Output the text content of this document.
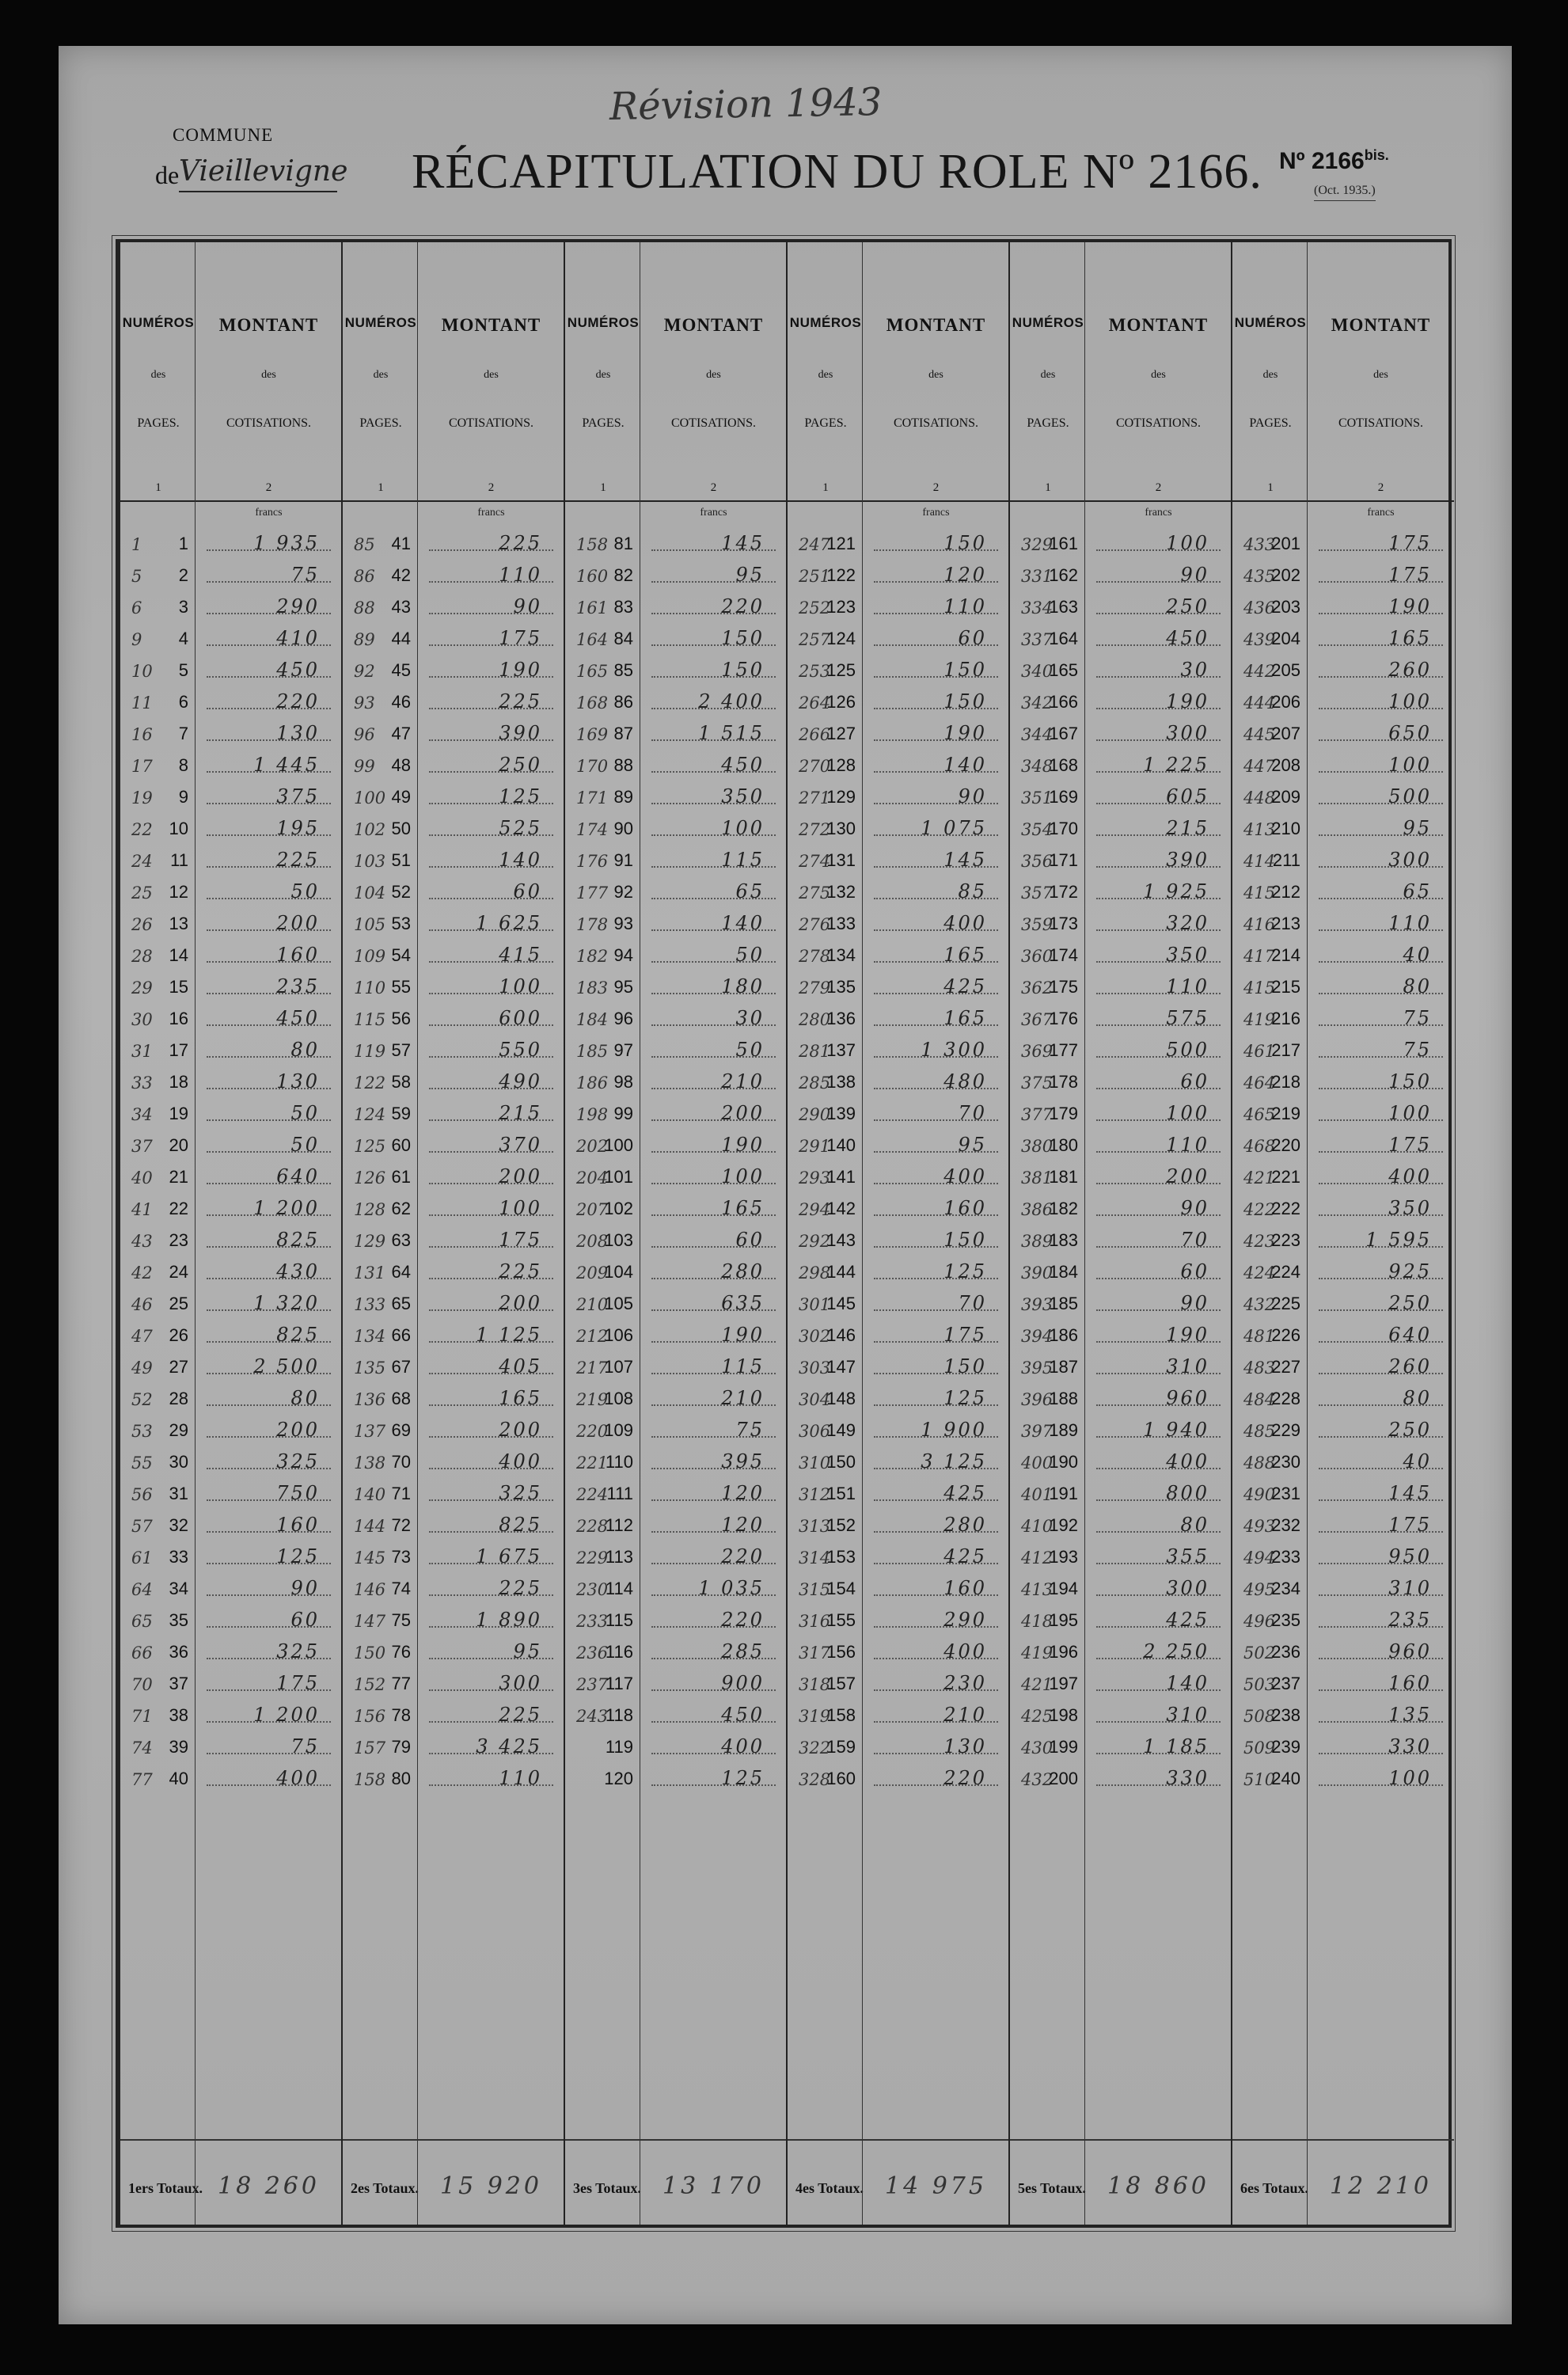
COMMUNE
de Vieillevigne
Révision 1943
RÉCAPITULATION DU ROLE Nº 2166. Nº $2166^{bis.}$
(Oct. 1935.)
NUMÉROS
des
PAGES.
1
1ers Totaux.
1 1
5 2
6 3
9 4
10 5
11 6
16 7
17 8
19 9
22 10
24 11
25 12
26 13
28 14
29 15
30 16
31 17
33 18
34 19
37 20
40 21
41 22
43 23
42 24
46 25
47 26
49 27
52 28
53 29
55 30
56 31
57 32
61 33
64 34
65 35
66 36
70 37
71 38
74 39
77 40
MONTANT
des
COTISATIONS.
2
francs
18 260
1 935
75
290
410
450
220
130
1 445
375
195
225
50
200
160
235
450
80
130
50
50
640
1 200
825
430
1 320
825
2 500
80
200
325
750
160
125
90
60
325
175
1 200
75
400
NUMÉROS
des
PAGES.
1
2es Totaux.
85 41
86 42
88 43
89 44
92 45
93 46
96 47
99 48
100 49
102 50
103 51
104 52
105 53
109 54
110 55
115 56
119 57
122 58
124 59
125 60
126 61
128 62
129 63
131 64
133 65
134 66
135 67
136 68
137 69
138 70
140 71
144 72
145 73
146 74
147 75
150 76
152 77
156 78
157 79
158 80
MONTANT
des
COTISATIONS.
2
francs
15 920
225
110
90
175
190
225
390
250
125
525
140
60
1 625
415
100
600
550
490
215
370
200
100
175
225
200
1 125
405
165
200
400
325
825
1 675
225
1 890
95
300
225
3 425
110
NUMÉROS
des
PAGES.
1
3es Totaux.
158 81
160 82
161 83
164 84
165 85
168 86
169 87
170 88
171 89
174 90
176 91
177 92
178 93
182 94
183 95
184 96
185 97
186 98
198 99
202
100
204
101
207
102
208
103
209
104
210
105
212
106
217
107
219
108
220
109
221
110
224
111
228
112
229
113
230
114
233
115
236
116
237
117
243
118
119
120
MONTANT
des
COTISATIONS.
2
francs
13 170
145
95
220
150
150
2 400
1 515
450
350
100
115
65
140
50
180
30
50
210
200
190
100
165
60
280
635
190
115
210
75
395
120
120
220
1 035
220
285
900
450
400
125
NUMÉROS
des
PAGES.
1
4es Totaux.
247
121
251
122
252
123
257
124
253
125
264
126
266
127
270
128
271
129
272
130
274
131
275
132
276
133
278
134
279
135
280
136
281
137
285
138
290
139
291
140
293
141
294
142
292
143
298
144
301
145
302
146
303
147
304
148
306
149
310
150
312
151
313
152
314
153
315
154
316
155
317
156
318
157
319
158
322
159
328
160
MONTANT
des
COTISATIONS.
2
francs
14 975
150
120
110
60
150
150
190
140
90
1 075
145
85
400
165
425
165
1 300
480
70
95
400
160
150
125
70
175
150
125
1 900
3 125
425
280
425
160
290
400
230
210
130
220
NUMÉROS
des
PAGES.
1
5es Totaux.
329
161
331
162
334
163
337
164
340
165
342
166
344
167
348
168
351
169
354
170
356
171
357
172
359
173
360
174
362
175
367
176
369
177
375
178
377
179
380
180
381
181
386
182
389
183
390
184
393
185
394
186
395
187
396
188
397
189
400
190
401
191
410
192
412
193
413
194
418
195
419
196
421
197
425
198
430
199
432
200
MONTANT
des
COTISATIONS.
2
francs
18 860
100
90
250
450
30
190
300
1 225
605
215
390
1 925
320
350
110
575
500
60
100
110
200
90
70
60
90
190
310
960
1 940
400
800
80
355
300
425
2 250
140
310
1 185
330
NUMÉROS
des
PAGES.
1
6es Totaux.
433
201
435
202
436
203
439
204
442
205
444
206
445
207
447
208
448
209
413
210
414
211
415
212
416
213
417
214
415
215
419
216
461
217
464
218
465
219
468
220
421
221
422
222
423
223
424
224
432
225
481
226
483
227
484
228
485
229
488
230
490
231
493
232
494
233
495
234
496
235
502
236
503
237
508
238
509
239
510
240
MONTANT
des
COTISATIONS.
2
francs
12 210
175
175
190
165
260
100
650
100
500
95
300
65
110
40
80
75
75
150
100
175
400
350
1 595
925
250
640
260
80
250
40
145
175
950
310
235
960
160
135
330
100
